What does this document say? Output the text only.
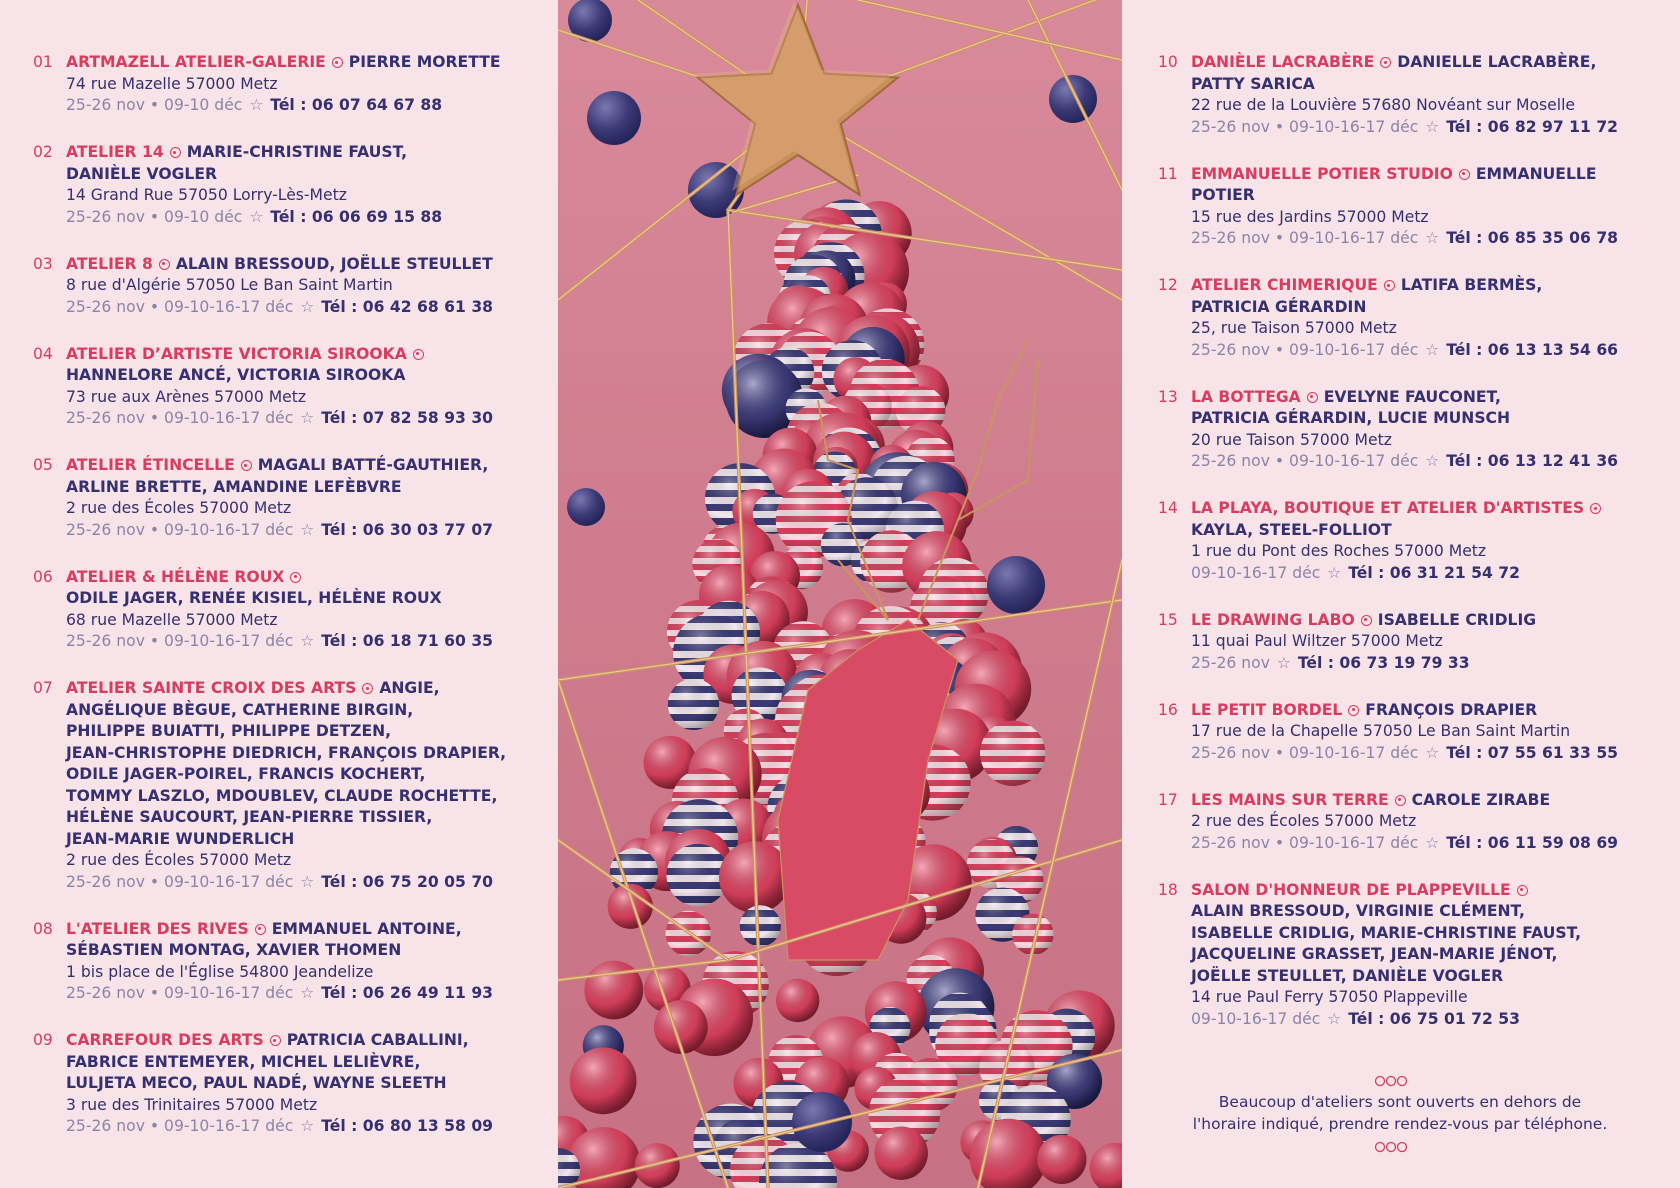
01 ARTMAZELL ATELIER-GALERIE PIERRE MORETTE
74 rue Mazelle 57000 Metz
25-26 nov • 09-10 déc ☆ Tél : 06 07 64 67 88
02 ATELIER 14 MARIE-CHRISTINE FAUST,
DANIÈLE VOGLER
14 Grand Rue 57050 Lorry-Lès-Metz
25-26 nov • 09-10 déc ☆ Tél : 06 06 69 15 88
03 ATELIER 8 ALAIN BRESSOUD, JOËLLE STEULLET
8 rue d'Algérie 57050 Le Ban Saint Martin
25-26 nov • 09-10-16-17 déc ☆ Tél : 06 42 68 61 38
04 ATELIER D’ARTISTE VICTORIA SIROOKA
HANNELORE ANCÉ, VICTORIA SIROOKA
73 rue aux Arènes 57000 Metz
25-26 nov • 09-10-16-17 déc ☆ Tél : 07 82 58 93 30
05 ATELIER ÉTINCELLE MAGALI BATTÉ-GAUTHIER,
ARLINE BRETTE, AMANDINE LEFÈBVRE
2 rue des Écoles 57000 Metz
25-26 nov • 09-10-16-17 déc ☆ Tél : 06 30 03 77 07
06 ATELIER & HÉLÈNE ROUX
ODILE JAGER, RENÉE KISIEL, HÉLÈNE ROUX
68 rue Mazelle 57000 Metz
25-26 nov • 09-10-16-17 déc ☆ Tél : 06 18 71 60 35
07 ATELIER SAINTE CROIX DES ARTS ANGIE,
ANGÉLIQUE BÈGUE, CATHERINE BIRGIN,
PHILIPPE BUIATTI, PHILIPPE DETZEN,
JEAN-CHRISTOPHE DIEDRICH, FRANÇOIS DRAPIER,
ODILE JAGER-POIREL, FRANCIS KOCHERT,
TOMMY LASZLO, MDOUBLEV, CLAUDE ROCHETTE,
HÉLÈNE SAUCOURT, JEAN-PIERRE TISSIER,
JEAN-MARIE WUNDERLICH
2 rue des Écoles 57000 Metz
25-26 nov • 09-10-16-17 déc ☆ Tél : 06 75 20 05 70
08 L'ATELIER DES RIVES EMMANUEL ANTOINE,
SÉBASTIEN MONTAG, XAVIER THOMEN
1 bis place de l'Église 54800 Jeandelize
25-26 nov • 09-10-16-17 déc ☆ Tél : 06 26 49 11 93
09 CARREFOUR DES ARTS PATRICIA CABALLINI,
FABRICE ENTEMEYER, MICHEL LELIÈVRE,
LULJETA MECO, PAUL NADÉ, WAYNE SLEETH
3 rue des Trinitaires 57000 Metz
25-26 nov • 09-10-16-17 déc ☆ Tél : 06 80 13 58 09
10 DANIÈLE LACRABÈRE DANIELLE LACRABÈRE,
PATTY SARICA
22 rue de la Louvière 57680 Novéant sur Moselle
25-26 nov • 09-10-16-17 déc ☆ Tél : 06 82 97 11 72
11 EMMANUELLE POTIER STUDIO EMMANUELLE
POTIER
15 rue des Jardins 57000 Metz
25-26 nov • 09-10-16-17 déc ☆ Tél : 06 85 35 06 78
12 ATELIER CHIMERIQUE LATIFA BERMÈS,
PATRICIA GÉRARDIN
25, rue Taison 57000 Metz
25-26 nov • 09-10-16-17 déc ☆ Tél : 06 13 13 54 66
13 LA BOTTEGA EVELYNE FAUCONET,
PATRICIA GÉRARDIN, LUCIE MUNSCH
20 rue Taison 57000 Metz
25-26 nov • 09-10-16-17 déc ☆ Tél : 06 13 12 41 36
14 LA PLAYA, BOUTIQUE ET ATELIER D'ARTISTES
KAYLA, STEEL-FOLLIOT
1 rue du Pont des Roches 57000 Metz
09-10-16-17 déc ☆ Tél : 06 31 21 54 72
15 LE DRAWING LABO ISABELLE CRIDLIG
11 quai Paul Wiltzer 57000 Metz
25-26 nov ☆ Tél : 06 73 19 79 33
16 LE PETIT BORDEL FRANÇOIS DRAPIER
17 rue de la Chapelle 57050 Le Ban Saint Martin
25-26 nov • 09-10-16-17 déc ☆ Tél : 07 55 61 33 55
17 LES MAINS SUR TERRE CAROLE ZIRABE
2 rue des Écoles 57000 Metz
25-26 nov • 09-10-16-17 déc ☆ Tél : 06 11 59 08 69
18 SALON D'HONNEUR DE PLAPPEVILLE
ALAIN BRESSOUD, VIRGINIE CLÉMENT,
ISABELLE CRIDLIG, MARIE-CHRISTINE FAUST,
JACQUELINE GRASSET, JEAN-MARIE JÉNOT,
JOËLLE STEULLET, DANIÈLE VOGLER
14 rue Paul Ferry 57050 Plappeville
09-10-16-17 déc ☆ Tél : 06 75 01 72 53
Beaucoup d'ateliers sont ouverts en dehors de
l'horaire indiqué, prendre rendez-vous par téléphone.
